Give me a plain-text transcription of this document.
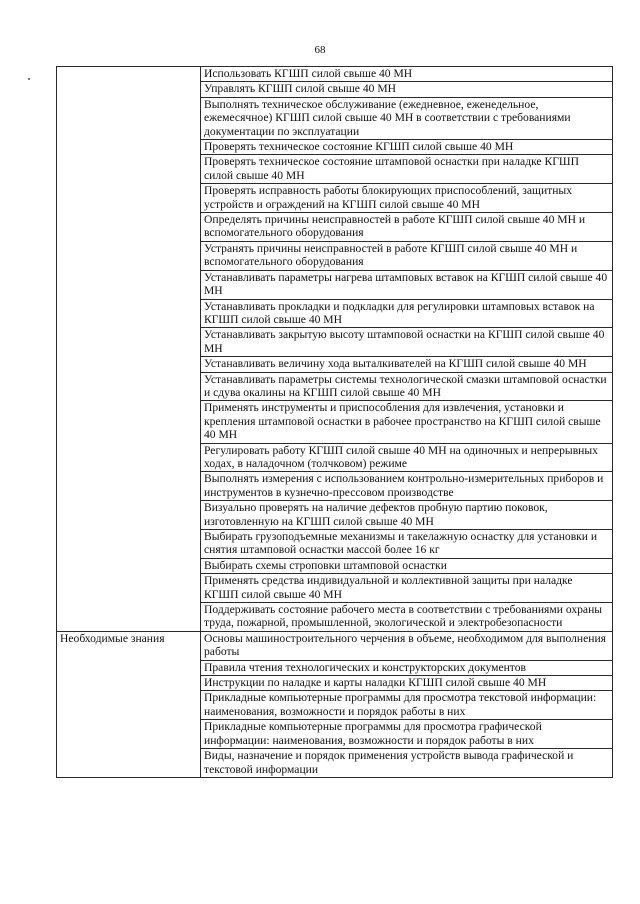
68
	Использовать КГШП силой свыше 40 МН
	Управлять КГШП силой свыше 40 МН
	Выполнять техническое обслуживание (ежедневное, еженедельное, ежемесячное) КГШП силой свыше 40 МН в соответствии с требованиями документации по эксплуатации
	Проверять техническое состояние КГШП силой свыше 40 МН
	Проверять техническое состояние штамповой оснастки при наладке КГШП силой свыше 40 МН
	Проверять исправность работы блокирующих приспособлений, защитных устройств и ограждений на КГШП силой свыше 40 МН
	Определять причины неисправностей в работе КГШП силой свыше 40 МН и вспомогательного оборудования
	Устранять причины неисправностей в работе КГШП силой свыше 40 МН и вспомогательного оборудования
	Устанавливать параметры нагрева штамповых вставок на КГШП силой свыше 40 МН
	Устанавливать прокладки и подкладки для регулировки штамповых вставок на КГШП силой свыше 40 МН
	Устанавливать закрытую высоту штамповой оснастки на КГШП силой свыше 40 МН
	Устанавливать величину хода выталкивателей на КГШП силой свыше 40 МН
	Устанавливать параметры системы технологической смазки штамповой оснастки и сдува окалины на КГШП силой свыше 40 МН
	Применять инструменты и приспособления для извлечения, установки и крепления штамповой оснастки в рабочее пространство на КГШП силой свыше 40 МН
	Регулировать работу КГШП силой свыше 40 МН на одиночных и непрерывных ходах, в наладочном (толчковом) режиме
	Выполнять измерения с использованием контрольно-измерительных приборов и инструментов в кузнечно-прессовом производстве
	Визуально проверять на наличие дефектов пробную партию поковок, изготовленную на КГШП силой свыше 40 МН
	Выбирать грузоподъемные механизмы и такелажную оснастку для установки и снятия штамповой оснастки массой более 16 кг
	Выбирать схемы строповки штамповой оснастки
	Применять средства индивидуальной и коллективной защиты при наладке КГШП силой свыше 40 МН
	Поддерживать состояние рабочего места в соответствии с требованиями охраны труда, пожарной, промышленной, экологической и электробезопасности
Необходимые знания	Основы машиностроительного черчения в объеме, необходимом для выполнения работы
	Правила чтения технологических и конструкторских документов
	Инструкции по наладке и карты наладки КГШП силой свыше 40 МН
	Прикладные компьютерные программы для просмотра текстовой информации: наименования, возможности и порядок работы в них
	Прикладные компьютерные программы для просмотра графической информации: наименования, возможности и порядок работы в них
	Виды, назначение и порядок применения устройств вывода графической и текстовой информации
